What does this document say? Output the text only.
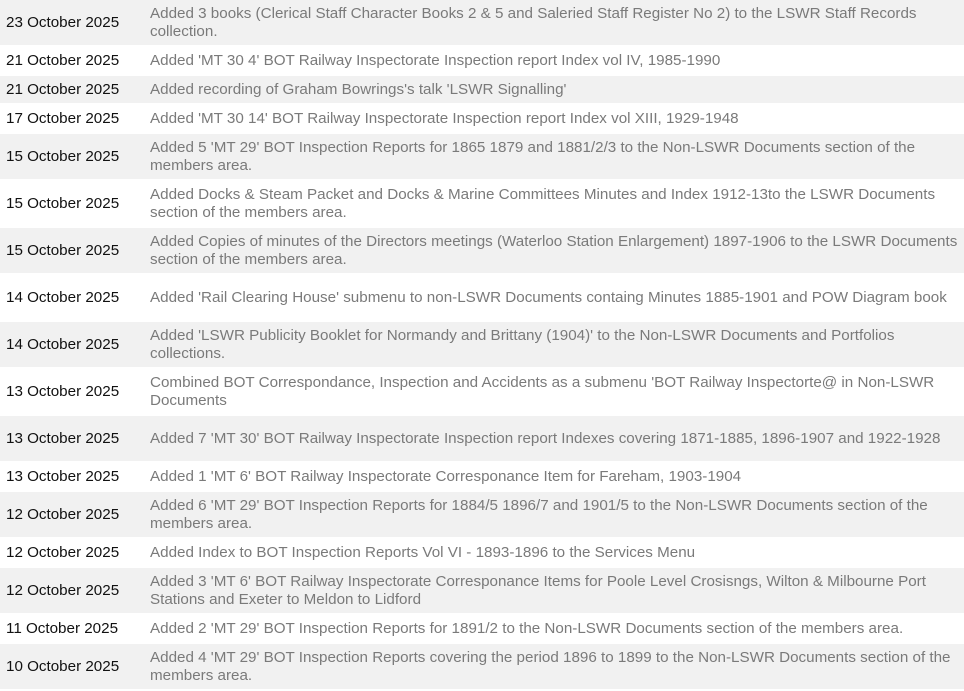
23 October 2025	Added 3 books (Clerical Staff Character Books 2 & 5 and Saleried Staff Register No 2) to the LSWR Staff Records collection.
21 October 2025	Added 'MT 30 4' BOT Railway Inspectorate Inspection report Index vol IV, 1985-1990
21 October 2025	Added recording of Graham Bowrings's talk 'LSWR Signalling'
17 October 2025	Added 'MT 30 14' BOT Railway Inspectorate Inspection report Index vol XIII, 1929-1948
15 October 2025	Added 5 'MT 29' BOT Inspection Reports for 1865 1879 and 1881/2/3 to the Non-LSWR Documents section of the members area.
15 October 2025	Added Docks & Steam Packet and Docks & Marine Committees Minutes and Index 1912-13to the LSWR Documents section of the members area.
15 October 2025	Added Copies of minutes of the Directors meetings (Waterloo Station Enlargement) 1897-1906 to the LSWR Documents section of the members area.
14 October 2025	Added 'Rail Clearing House' submenu to non-LSWR Documents containg Minutes 1885-1901 and POW Diagram book
14 October 2025	Added 'LSWR Publicity Booklet for Normandy and Brittany (1904)' to the Non-LSWR Documents and Portfolios collections.
13 October 2025	Combined BOT Correspondance, Inspection and Accidents as a submenu 'BOT Railway Inspectorte@ in Non-LSWR Documents
13 October 2025	Added 7 'MT 30' BOT Railway Inspectorate Inspection report Indexes covering 1871-1885, 1896-1907 and 1922-1928
13 October 2025	Added 1 'MT 6' BOT Railway Inspectorate Corresponance Item for Fareham, 1903-1904
12 October 2025	Added 6 'MT 29' BOT Inspection Reports for 1884/5 1896/7 and 1901/5 to the Non-LSWR Documents section of the members area.
12 October 2025	Added Index to BOT Inspection Reports Vol VI - 1893-1896 to the Services Menu
12 October 2025	Added 3 'MT 6' BOT Railway Inspectorate Corresponance Items for Poole Level Crosisngs, Wilton & Milbourne Port Stations and Exeter to Meldon to Lidford
11 October 2025	Added 2 'MT 29' BOT Inspection Reports for 1891/2 to the Non-LSWR Documents section of the members area.
10 October 2025	Added 4 'MT 29' BOT Inspection Reports covering the period 1896 to 1899 to the Non-LSWR Documents section of the members area.
